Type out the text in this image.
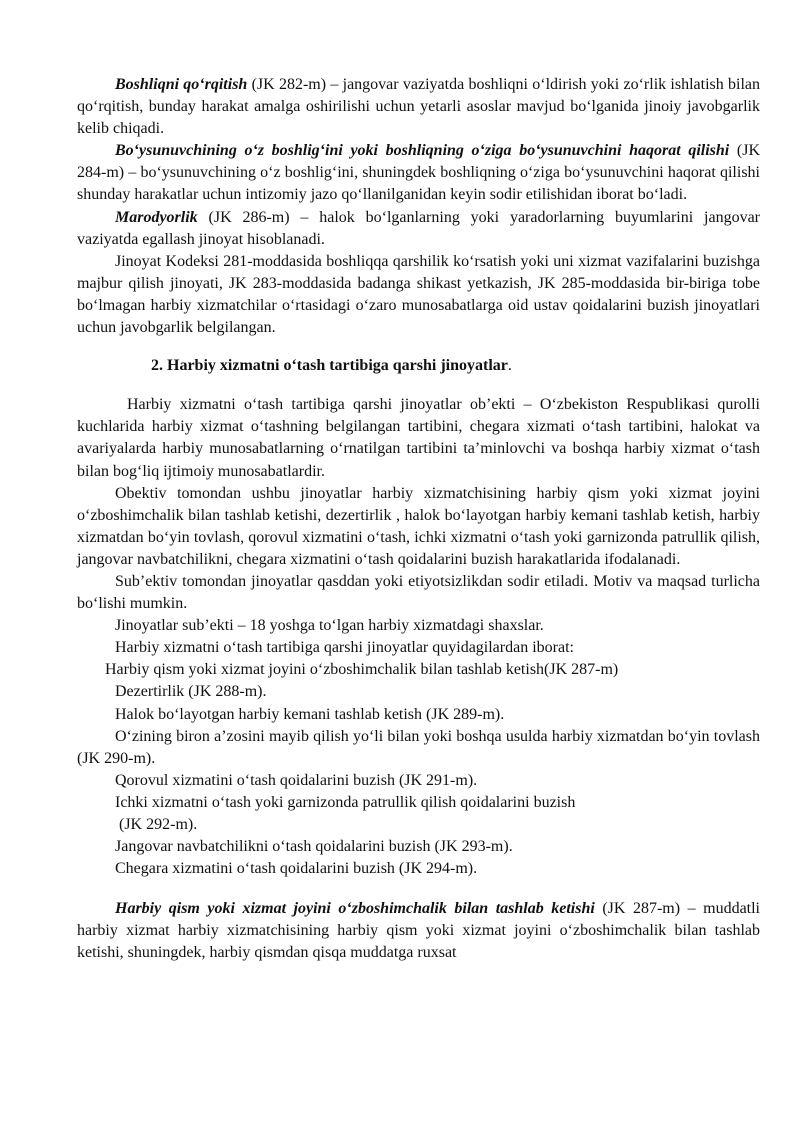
Boshliqni qo‘rqitish (JK 282-m) – jangovar vaziyatda boshliqni o‘ldirish yoki zo‘rlik ishlatish bilan qo‘rqitish, bunday harakat amalga oshirilishi uchun yetarli asoslar mavjud bo‘lganida jinoiy javobgarlik kelib chiqadi.

Bo‘ysunuvchining o‘z boshlig‘ini yoki boshliqning o‘ziga bo‘ysunuvchini haqorat qilishi (JK 284-m) – bo‘ysunuvchining o‘z boshlig‘ini, shuningdek boshliqning o‘ziga bo‘ysunuvchini haqorat qilishi shunday harakatlar uchun intizomiy jazo qo‘llanilganidan keyin sodir etilishidan iborat bo‘ladi.

Marodyorlik (JK 286-m) – halok bo‘lganlarning yoki yaradorlarning buyumlarini jangovar vaziyatda egallash jinoyat hisoblanadi.

Jinoyat Kodeksi 281-moddasida boshliqqa qarshilik ko‘rsatish yoki uni xizmat vazifalarini buzishga majbur qilish jinoyati, JK 283-moddasida badanga shikast yetkazish, JK 285-moddasida bir-biriga tobe bo‘lmagan harbiy xizmatchilar o‘rtasidagi o‘zaro munosabatlarga oid ustav qoidalarini buzish jinoyatlari uchun javobgarlik belgilangan.

2. Harbiy xizmatni o‘tash tartibiga qarshi jinoyatlar.

Harbiy xizmatni o‘tash tartibiga qarshi jinoyatlar ob’ekti – O‘zbekiston Respublikasi qurolli kuchlarida harbiy xizmat o‘tashning belgilangan tartibini, chegara xizmati o‘tash tartibini, halokat va avariyalarda harbiy munosabatlarning o‘rnatilgan tartibini ta’minlovchi va boshqa harbiy xizmat o‘tash bilan bog‘liq ijtimoiy munosabatlardir.

Obektiv tomondan ushbu jinoyatlar harbiy xizmatchisining harbiy qism yoki xizmat joyini o‘zboshimchalik bilan tashlab ketishi, dezertirlik , halok bo‘layotgan harbiy kemani tashlab ketish, harbiy xizmatdan bo‘yin tovlash, qorovul xizmatini o‘tash, ichki xizmatni o‘tash yoki garnizonda patrullik qilish, jangovar navbatchilikni, chegara xizmatini o‘tash qoidalarini buzish harakatlarida ifodalanadi.

Sub’ektiv tomondan jinoyatlar qasddan yoki etiyotsizlikdan sodir etiladi. Motiv va maqsad turlicha bo‘lishi mumkin.

Jinoyatlar sub’ekti – 18 yoshga to‘lgan harbiy xizmatdagi shaxslar.

Harbiy xizmatni o‘tash tartibiga qarshi jinoyatlar quyidagilardan iborat:

Harbiy qism yoki xizmat joyini o‘zboshimchalik bilan tashlab ketish(JK 287-m)

Dezertirlik (JK 288-m).

Halok bo‘layotgan harbiy kemani tashlab ketish (JK 289-m).

O‘zining biron a’zosini mayib qilish yo‘li bilan yoki boshqa usulda harbiy xizmatdan bo‘yin tovlash (JK 290-m).

Qorovul xizmatini o‘tash qoidalarini buzish (JK 291-m).

Ichki xizmatni o‘tash yoki garnizonda patrullik qilish qoidalarini buzish

(JK 292-m).

Jangovar navbatchilikni o‘tash qoidalarini buzish (JK 293-m).

Chegara xizmatini o‘tash qoidalarini buzish (JK 294-m).

Harbiy qism yoki xizmat joyini o‘zboshimchalik bilan tashlab ketishi (JK 287-m) – muddatli harbiy xizmat harbiy xizmatchisining harbiy qism yoki xizmat joyini o‘zboshimchalik bilan tashlab ketishi, shuningdek, harbiy qismdan qisqa muddatga ruxsat
